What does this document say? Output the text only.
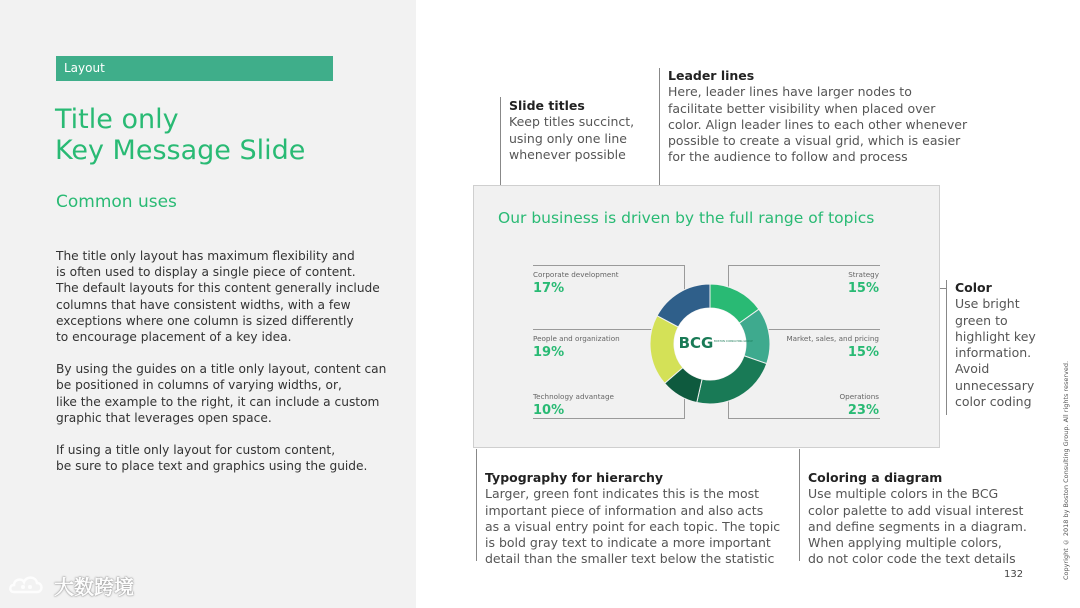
Layout
Title only
Key Message Slide
Common uses

The title only layout has maximum flexibility and
is often used to display a single piece of content.
The default layouts for this content generally include
columns that have consistent widths, with a few
exceptions where one column is sized differently
to encourage placement of a key idea.

By using the guides on a title only layout, content can
be positioned in columns of varying widths, or,
like the example to the right, it can include a custom
graphic that leverages open space.

If using a title only layout for custom content,
be sure to place text and graphics using the guide.

大数跨境
Slide titles
Keep titles succinct,
using only one line
whenever possible
Leader lines
Here, leader lines have larger nodes to
facilitate better visibility when placed over
color. Align leader lines to each other whenever
possible to create a visual grid, which is easier
for the audience to follow and process
Color
Use bright
green to
highlight key
information.
Avoid
unnecessary
color coding
Typography for hierarchy
Larger, green font indicates this is the most
important piece of information and also acts
as a visual entry point for each topic. The topic
is bold gray text to indicate a more important
detail than the smaller text below the statistic
Coloring a diagram
Use multiple colors in the BCG
color palette to add visual interest
and define segments in a diagram.
When applying multiple colors,
do not color code the text details
Our business is driven by the full range of topics
Corporate development
17%
People and organization
19%
Technology advantage
10%
Strategy
15%
Market, sales, and pricing
15%
Operations
23%
BCG BOSTON CONSULTING GROUP
Copyright © 2018 by Boston Consulting Group. All rights reserved.
132
